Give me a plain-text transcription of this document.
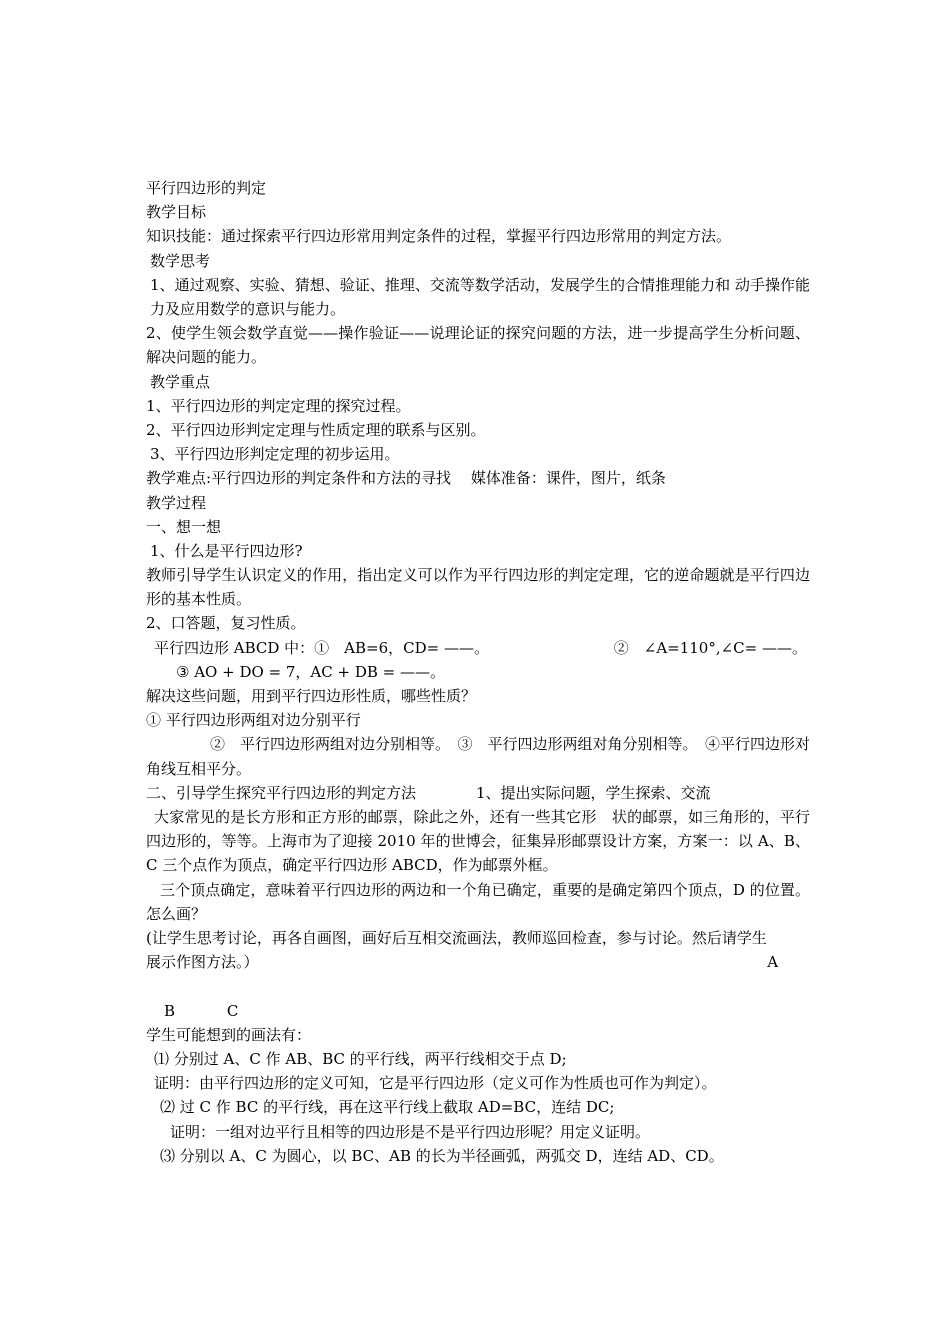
平行四边形的判定
教学目标
知识技能：通过探索平行四边形常用判定条件的过程，掌握平行四边形常用的判定方法。
数学思考
1、通过观察、实验、猜想、验证、推理、交流等数学活动，发展学生的合情推理能力和 动手操作能力及应用数学的意识与能力。
2、使学生领会数学直觉——操作验证——说理论证的探究问题的方法，进一步提高学生分析问题、解决问题的能力。
教学重点
1、平行四边形的判定定理的探究过程。
2、平行四边形判定定理与性质定理的联系与区别。
3、平行四边形判定定理的初步运用。
教学难点:平行四边形的判定条件和方法的寻找　 媒体准备：课件，图片，纸条
教学过程
一、想一想
1、什么是平行四边形?
教师引导学生认识定义的作用，指出定义可以作为平行四边形的判定定理，它的逆命题就是平行四边形的基本性质。
2、口答题，复习性质。
平行四边形 ABCD 中：①　AB=6，CD= ——。 　　　　　　　　②　∠A=110°,∠C= ——。
③ AO + DO = 7，AC + DB = ——。
解决这些问题，用到平行四边形性质，哪些性质？
① 平行四边形两组对边分别平行
②　平行四边形两组对边分别相等。　③　平行四边形两组对角分别相等。　④平行四边形对角线互相平分。
二、引导学生探究平行四边形的判定方法　　　　1、提出实际问题，学生探索、交流
大家常见的是长方形和正方形的邮票，除此之外，还有一些其它形　状的邮票，如三角形的，平行四边形的，等等。上海市为了迎接 2010 年的世博会，征集异形邮票设计方案，方案一：以 A、B、C 三个点作为顶点，确定平行四边形 ABCD，作为邮票外框。
三个顶点确定，意味着平行四边形的两边和一个角已确定，重要的是确定第四个顶点，D 的位置。怎么画？
(让学生思考讨论，再各自画图，画好后互相交流画法，教师巡回检查，参与讨论。然后请学生
展示作图方法。）	A
B	C
学生可能想到的画法有：
⑴ 分别过 A、C 作 AB、BC 的平行线，两平行线相交于点 D;
证明：由平行四边形的定义可知，它是平行四边形（定义可作为性质也可作为判定）。
⑵ 过 C 作 BC 的平行线，再在这平行线上截取 AD=BC，连结 DC;
证明：一组对边平行且相等的四边形是不是平行四边形呢？用定义证明。
⑶ 分别以 A、C 为圆心，以 BC、AB 的长为半径画弧，两弧交 D，连结 AD、CD。
